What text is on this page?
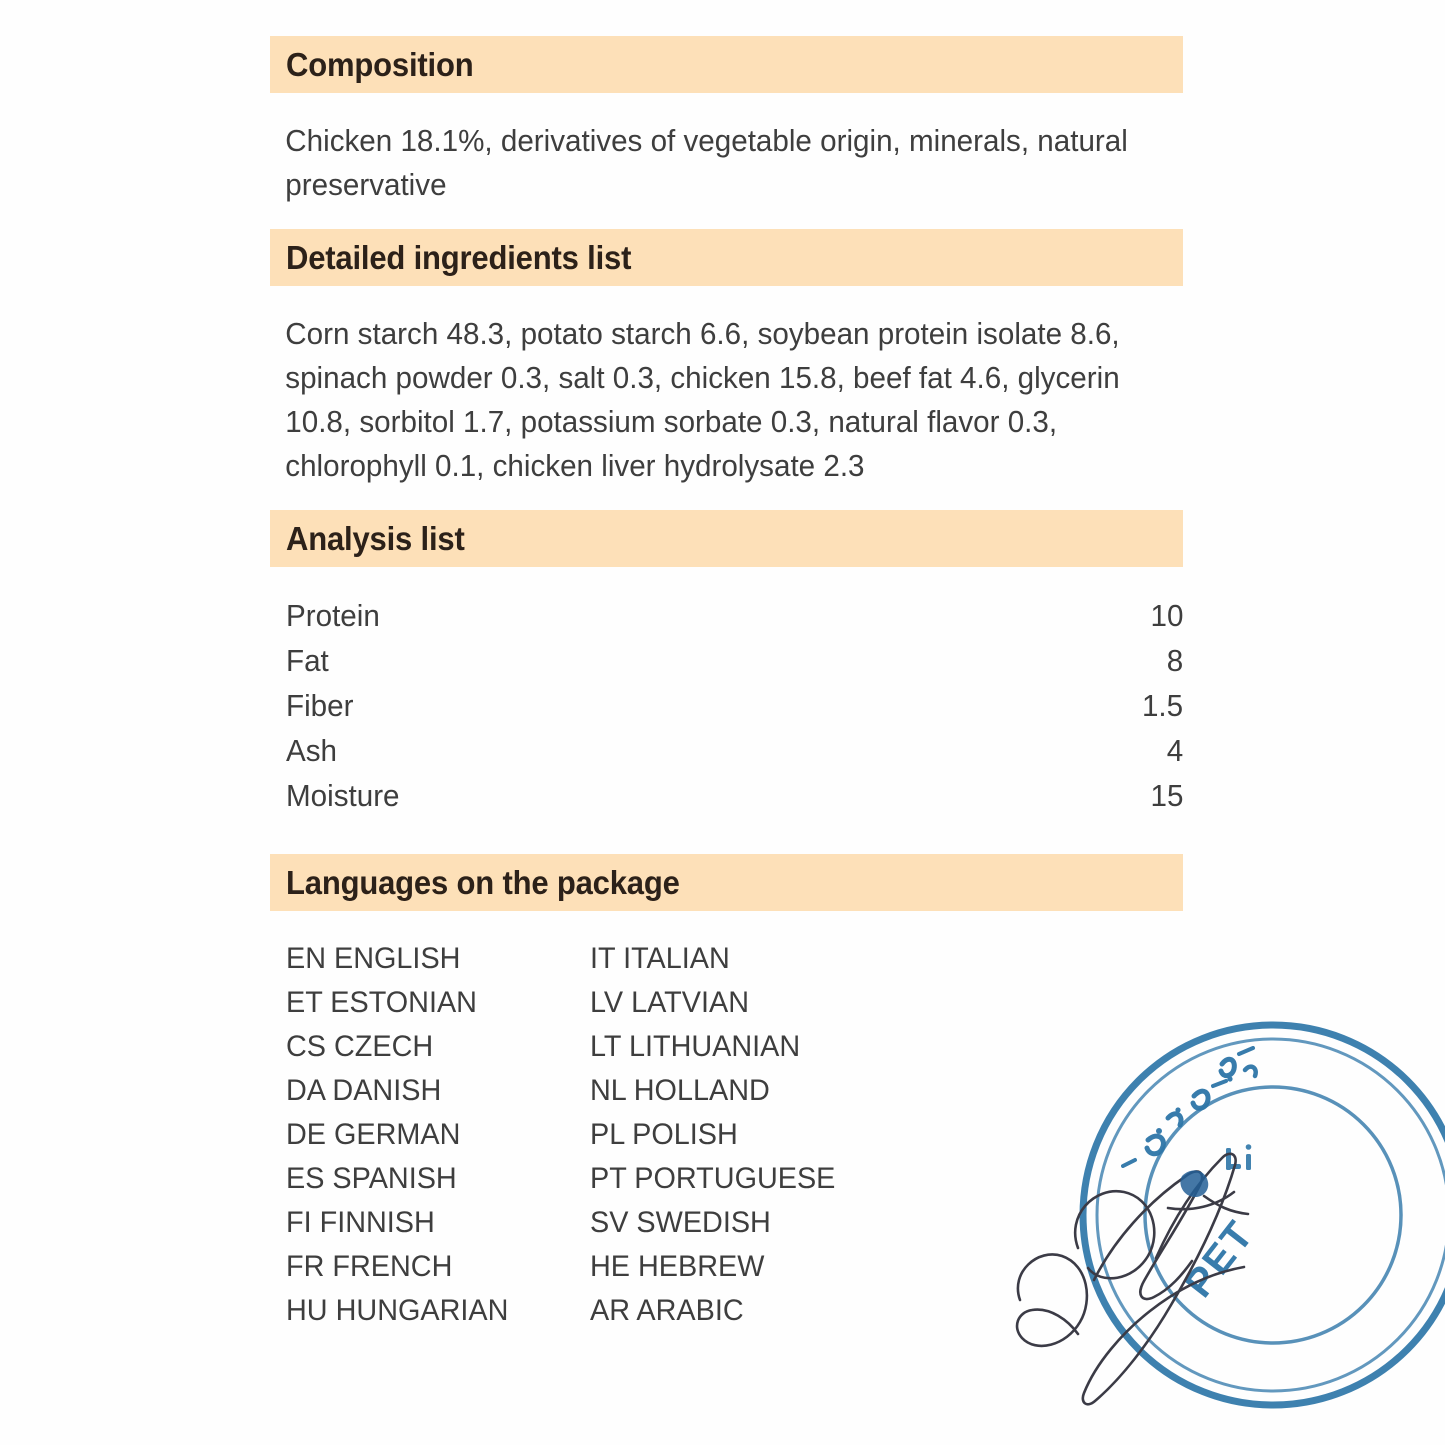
Composition
Chicken 18.1%, derivatives of vegetable origin, minerals, natural preservative
Detailed ingredients list
Corn starch 48.3, potato starch 6.6, soybean protein isolate 8.6, spinach powder 0.3, salt 0.3, chicken 15.8, beef fat 4.6, glycerin 10.8, sorbitol 1.7, potassium sorbate 0.3, natural flavor 0.3, chlorophyll 0.1, chicken liver hydrolysate 2.3
Analysis list
Protein	10
Fat	8
Fiber	1.5
Ash	4
Moisture	15
Languages on the package
EN ENGLISH	IT ITALIAN
ET ESTONIAN	LV LATVIAN
CS CZECH	LT LITHUANIAN
DA DANISH	NL HOLLAND
DE GERMAN	PL POLISH
ES SPANISH	PT PORTUGUESE
FI FINNISH	SV SWEDISH
FR FRENCH	HE HEBREW
HU HUNGARIAN	AR ARABIC
PET
